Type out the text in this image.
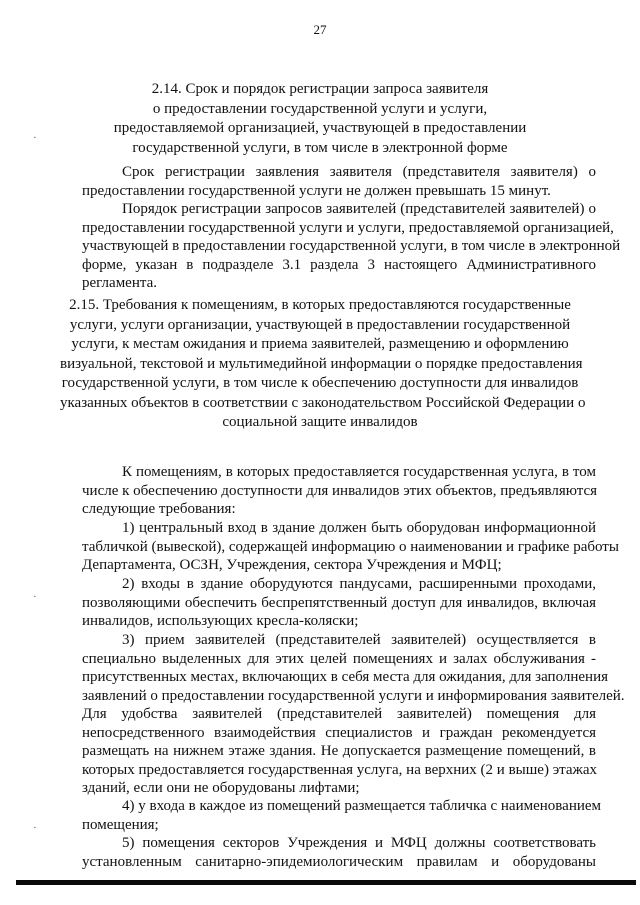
27
2.14. Срок и порядок регистрации запроса заявителя
о предоставлении государственной услуги и услуги,
предоставляемой организацией, участвующей в предоставлении
государственной услуги, в том числе в электронной форме
·
Срок регистрации заявления заявителя (представителя заявителя) о
предоставлении государственной услуги не должен превышать 15 минут.
Порядок регистрации запросов заявителей (представителей заявителей) о
предоставлении государственной услуги и услуги, предоставляемой организацией,
участвующей в предоставлении государственной услуги, в том числе в электронной
форме, указан в подразделе 3.1 раздела 3 настоящего Административного
регламента.
2.15. Требования к помещениям, в которых предоставляются государственные
услуги, услуги организации, участвующей в предоставлении государственной
услуги, к местам ожидания и приема заявителей, размещению и оформлению
визуальной, текстовой и мультимедийной информации о порядке предоставления
государственной услуги, в том числе к обеспечению доступности для инвалидов
указанных объектов в соответствии с законодательством Российской Федерации о
социальной защите инвалидов
К помещениям, в которых предоставляется государственная услуга, в том
числе к обеспечению доступности для инвалидов этих объектов, предъявляются
следующие требования:
1) центральный вход в здание должен быть оборудован информационной
табличкой (вывеской), содержащей информацию о наименовании и графике работы
Департамента, ОСЗН, Учреждения, сектора Учреждения и МФЦ;
2) входы в здание оборудуются пандусами, расширенными проходами,
позволяющими обеспечить беспрепятственный доступ для инвалидов, включая
инвалидов, использующих кресла-коляски;
·
3) прием заявителей (представителей заявителей) осуществляется в
специально выделенных для этих целей помещениях и залах обслуживания -
присутственных местах, включающих в себя места для ожидания, для заполнения
заявлений о предоставлении государственной услуги и информирования заявителей.
Для удобства заявителей (представителей заявителей) помещения для
непосредственного взаимодействия специалистов и граждан рекомендуется
размещать на нижнем этаже здания. Не допускается размещение помещений, в
которых предоставляется государственная услуга, на верхних (2 и выше) этажах
зданий, если они не оборудованы лифтами;
4) у входа в каждое из помещений размещается табличка с наименованием
помещения;
5) помещения секторов Учреждения и МФЦ должны соответствовать
установленным санитарно-эпидемиологическим правилам и оборудованы
·
